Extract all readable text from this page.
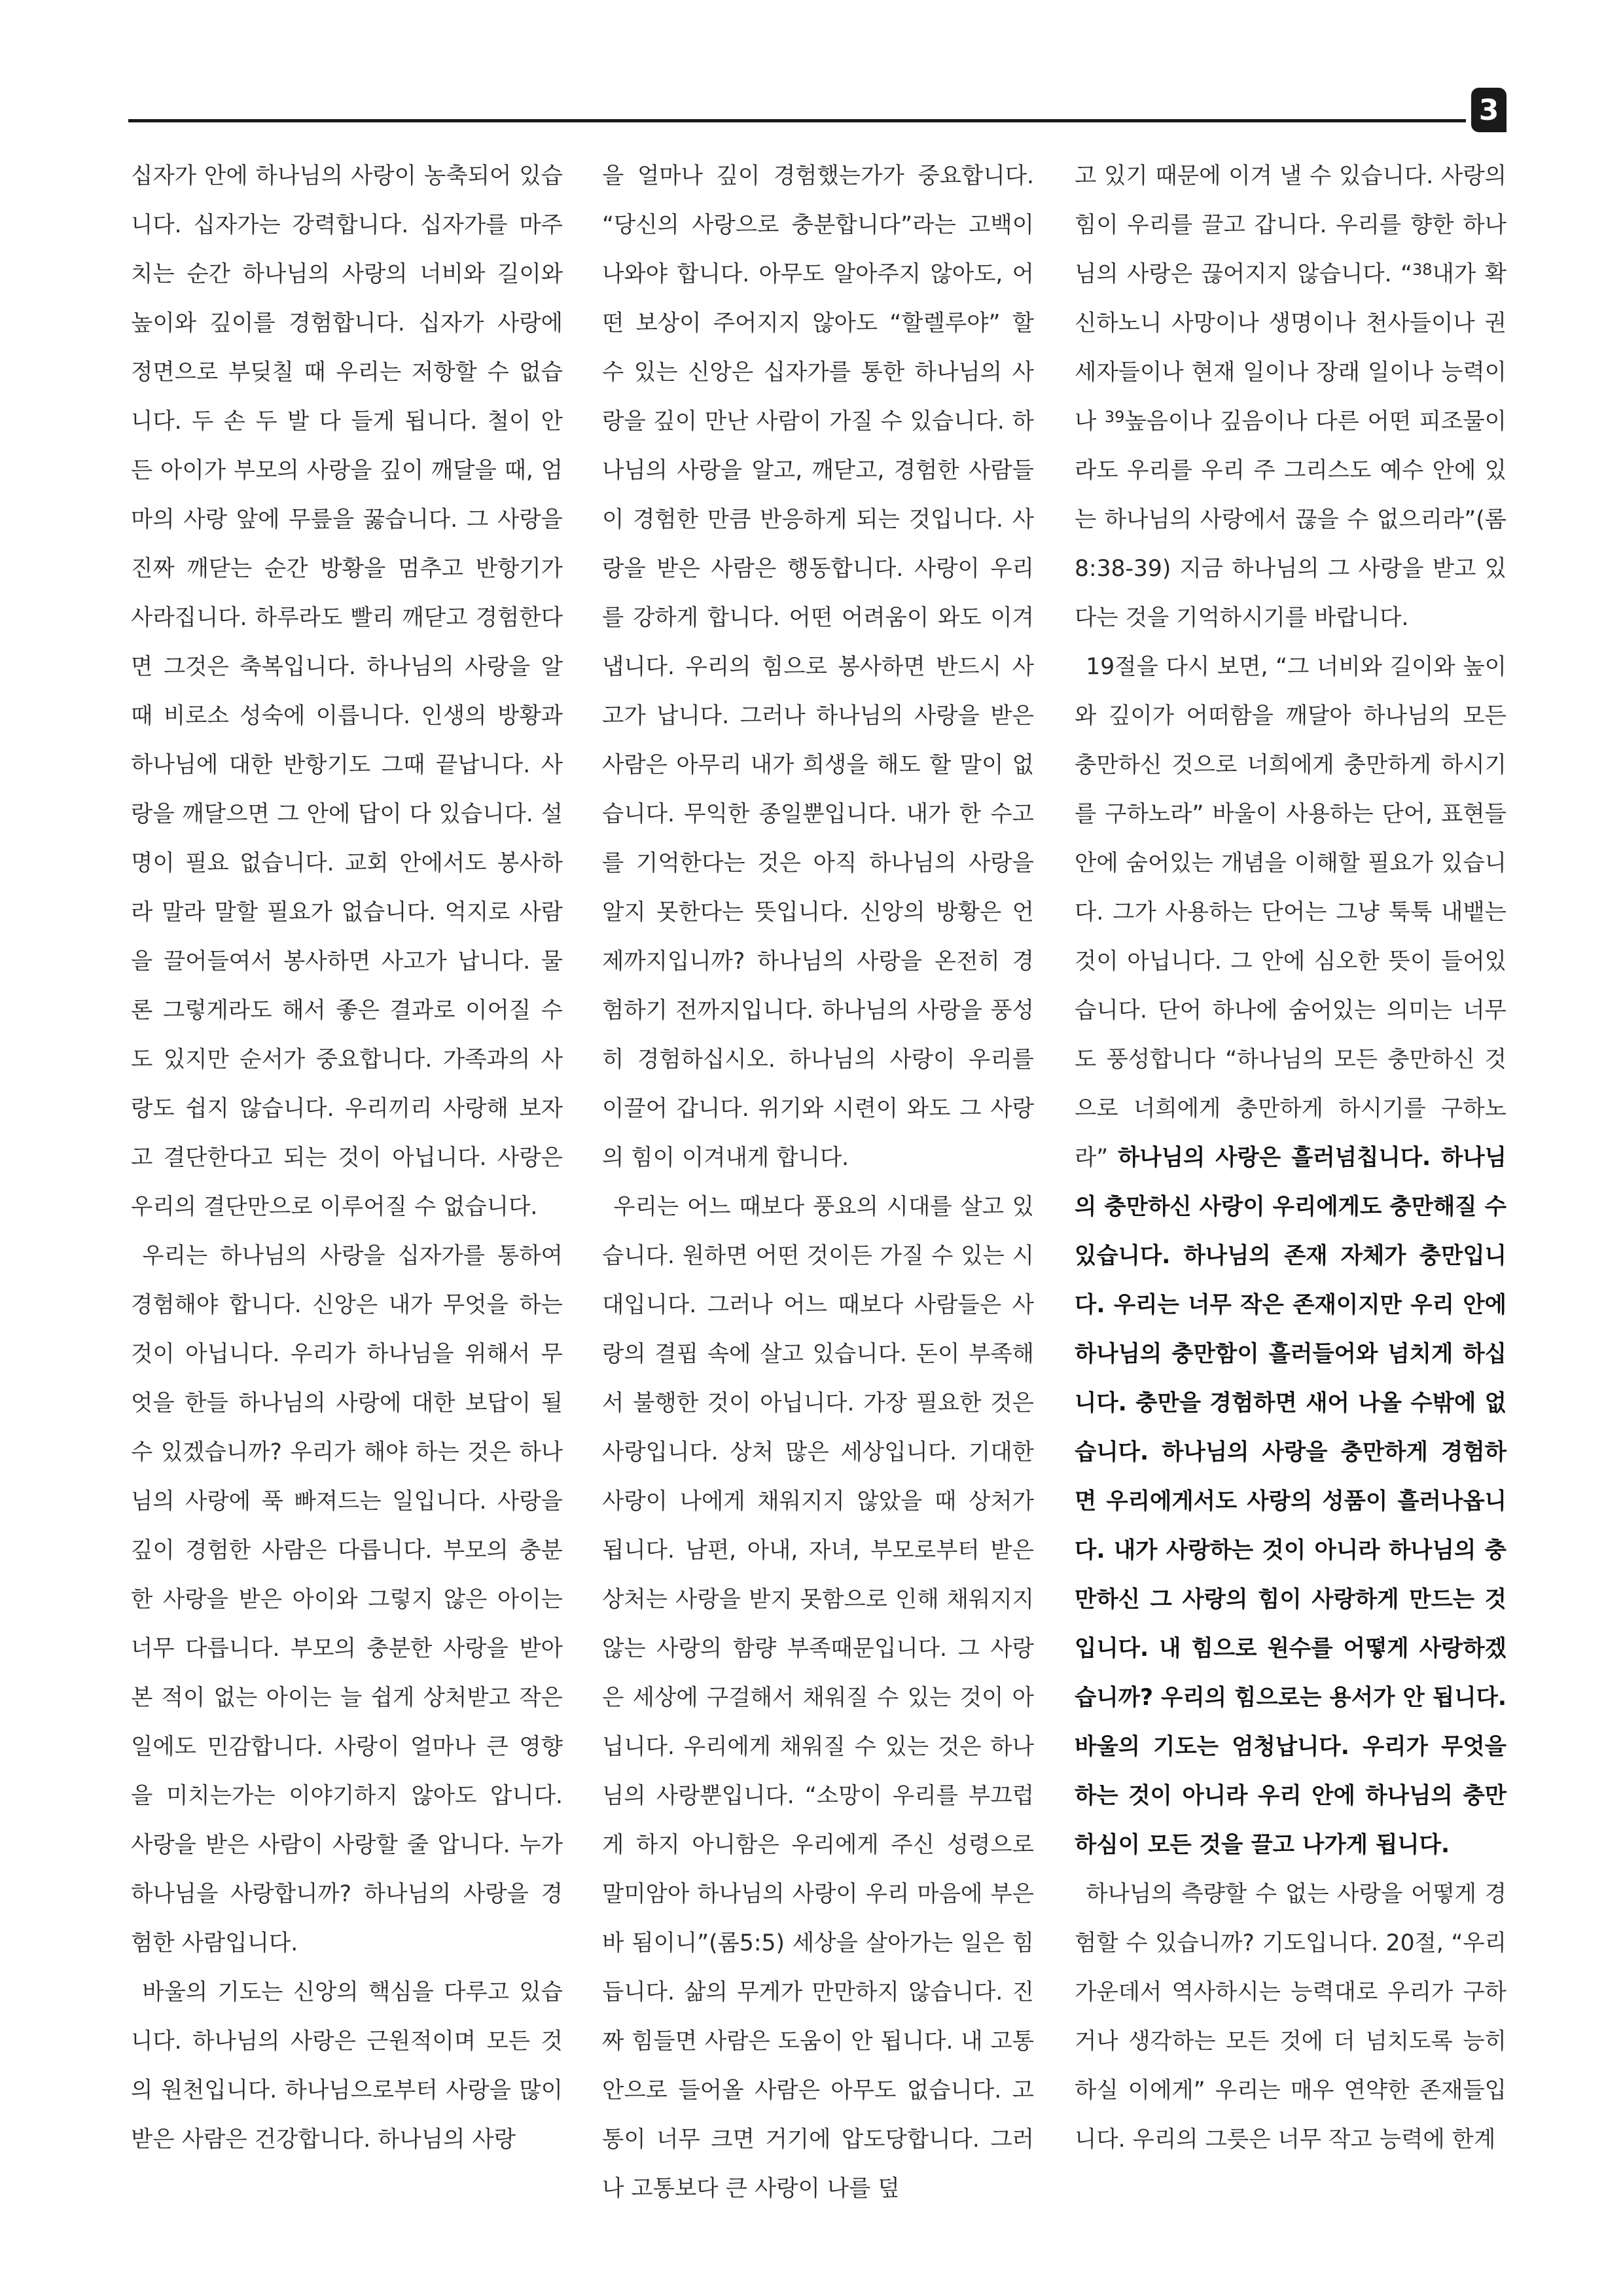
3

십자가 안에 하나님의 사랑이 농축되어 있습니다. 십자가는 강력합니다. 십자가를 마주치는 순간 하나님의 사랑의 너비와 길이와 높이와 깊이를 경험합니다. 십자가 사랑에 정면으로 부딪칠 때 우리는 저항할 수 없습니다. 두 손 두 발 다 들게 됩니다. 철이 안 든 아이가 부모의 사랑을 깊이 깨달을 때, 엄마의 사랑 앞에 무릎을 꿇습니다. 그 사랑을 진짜 깨닫는 순간 방황을 멈추고 반항기가 사라집니다. 하루라도 빨리 깨닫고 경험한다면 그것은 축복입니다. 하나님의 사랑을 알 때 비로소 성숙에 이릅니다. 인생의 방황과 하나님에 대한 반항기도 그때 끝납니다. 사랑을 깨달으면 그 안에 답이 다 있습니다. 설명이 필요 없습니다. 교회 안에서도 봉사하라 말라 말할 필요가 없습니다. 억지로 사람을 끌어들여서 봉사하면 사고가 납니다. 물론 그렇게라도 해서 좋은 결과로 이어질 수도 있지만 순서가 중요합니다. 가족과의 사랑도 쉽지 않습니다. 우리끼리 사랑해 보자고 결단한다고 되는 것이 아닙니다. 사랑은 우리의 결단만으로 이루어질 수 없습니다.

우리는 하나님의 사랑을 십자가를 통하여 경험해야 합니다. 신앙은 내가 무엇을 하는 것이 아닙니다. 우리가 하나님을 위해서 무엇을 한들 하나님의 사랑에 대한 보답이 될 수 있겠습니까? 우리가 해야 하는 것은 하나님의 사랑에 푹 빠져드는 일입니다. 사랑을 깊이 경험한 사람은 다릅니다. 부모의 충분한 사랑을 받은 아이와 그렇지 않은 아이는 너무 다릅니다. 부모의 충분한 사랑을 받아본 적이 없는 아이는 늘 쉽게 상처받고 작은 일에도 민감합니다. 사랑이 얼마나 큰 영향을 미치는가는 이야기하지 않아도 압니다. 사랑을 받은 사람이 사랑할 줄 압니다. 누가 하나님을 사랑합니까? 하나님의 사랑을 경험한 사람입니다.

바울의 기도는 신앙의 핵심을 다루고 있습니다. 하나님의 사랑은 근원적이며 모든 것의 원천입니다. 하나님으로부터 사랑을 많이 받은 사람은 건강합니다. 하나님의 사랑

을 얼마나 깊이 경험했는가가 중요합니다. “당신의 사랑으로 충분합니다”라는 고백이 나와야 합니다. 아무도 알아주지 않아도, 어떤 보상이 주어지지 않아도 “할렐루야” 할 수 있는 신앙은 십자가를 통한 하나님의 사랑을 깊이 만난 사람이 가질 수 있습니다. 하나님의 사랑을 알고, 깨닫고, 경험한 사람들이 경험한 만큼 반응하게 되는 것입니다. 사랑을 받은 사람은 행동합니다. 사랑이 우리를 강하게 합니다. 어떤 어려움이 와도 이겨냅니다. 우리의 힘으로 봉사하면 반드시 사고가 납니다. 그러나 하나님의 사랑을 받은 사람은 아무리 내가 희생을 해도 할 말이 없습니다. 무익한 종일뿐입니다. 내가 한 수고를 기억한다는 것은 아직 하나님의 사랑을 알지 못한다는 뜻입니다. 신앙의 방황은 언제까지입니까? 하나님의 사랑을 온전히 경험하기 전까지입니다. 하나님의 사랑을 풍성히 경험하십시오. 하나님의 사랑이 우리를 이끌어 갑니다. 위기와 시련이 와도 그 사랑의 힘이 이겨내게 합니다.

우리는 어느 때보다 풍요의 시대를 살고 있습니다. 원하면 어떤 것이든 가질 수 있는 시대입니다. 그러나 어느 때보다 사람들은 사랑의 결핍 속에 살고 있습니다. 돈이 부족해서 불행한 것이 아닙니다. 가장 필요한 것은 사랑입니다. 상처 많은 세상입니다. 기대한 사랑이 나에게 채워지지 않았을 때 상처가 됩니다. 남편, 아내, 자녀, 부모로부터 받은 상처는 사랑을 받지 못함으로 인해 채워지지 않는 사랑의 함량 부족때문입니다. 그 사랑은 세상에 구걸해서 채워질 수 있는 것이 아닙니다. 우리에게 채워질 수 있는 것은 하나님의 사랑뿐입니다. “소망이 우리를 부끄럽게 하지 아니함은 우리에게 주신 성령으로 말미암아 하나님의 사랑이 우리 마음에 부은 바 됨이니”(롬5:5) 세상을 살아가는 일은 힘듭니다. 삶의 무게가 만만하지 않습니다. 진짜 힘들면 사람은 도움이 안 됩니다. 내 고통 안으로 들어올 사람은 아무도 없습니다. 고통이 너무 크면 거기에 압도당합니다. 그러나 고통보다 큰 사랑이 나를 덮

고 있기 때문에 이겨 낼 수 있습니다. 사랑의 힘이 우리를 끌고 갑니다. 우리를 향한 하나님의 사랑은 끊어지지 않습니다. “$^{38}$내가 확신하노니 사망이나 생명이나 천사들이나 권세자들이나 현재 일이나 장래 일이나 능력이나 $^{39}$높음이나 깊음이나 다른 어떤 피조물이라도 우리를 우리 주 그리스도 예수 안에 있는 하나님의 사랑에서 끊을 수 없으리라”(롬8:38-39) 지금 하나님의 그 사랑을 받고 있다는 것을 기억하시기를 바랍니다.

19절을 다시 보면, “그 너비와 길이와 높이와 깊이가 어떠함을 깨달아 하나님의 모든 충만하신 것으로 너희에게 충만하게 하시기를 구하노라” 바울이 사용하는 단어, 표현들 안에 숨어있는 개념을 이해할 필요가 있습니다. 그가 사용하는 단어는 그냥 툭툭 내뱉는 것이 아닙니다. 그 안에 심오한 뜻이 들어있습니다. 단어 하나에 숨어있는 의미는 너무도 풍성합니다 “하나님의 모든 충만하신 것으로 너희에게 충만하게 하시기를 구하노라” 하나님의 사랑은 흘러넘칩니다. 하나님의 충만하신 사랑이 우리에게도 충만해질 수 있습니다. 하나님의 존재 자체가 충만입니다. 우리는 너무 작은 존재이지만 우리 안에 하나님의 충만함이 흘러들어와 넘치게 하십니다. 충만을 경험하면 새어 나올 수밖에 없습니다. 하나님의 사랑을 충만하게 경험하면 우리에게서도 사랑의 성품이 흘러나옵니다. 내가 사랑하는 것이 아니라 하나님의 충만하신 그 사랑의 힘이 사랑하게 만드는 것입니다. 내 힘으로 원수를 어떻게 사랑하겠습니까? 우리의 힘으로는 용서가 안 됩니다. 바울의 기도는 엄청납니다. 우리가 무엇을 하는 것이 아니라 우리 안에 하나님의 충만하심이 모든 것을 끌고 나가게 됩니다.

하나님의 측량할 수 없는 사랑을 어떻게 경험할 수 있습니까? 기도입니다. 20절, “우리 가운데서 역사하시는 능력대로 우리가 구하거나 생각하는 모든 것에 더 넘치도록 능히 하실 이에게” 우리는 매우 연약한 존재들입니다. 우리의 그릇은 너무 작고 능력에 한계
